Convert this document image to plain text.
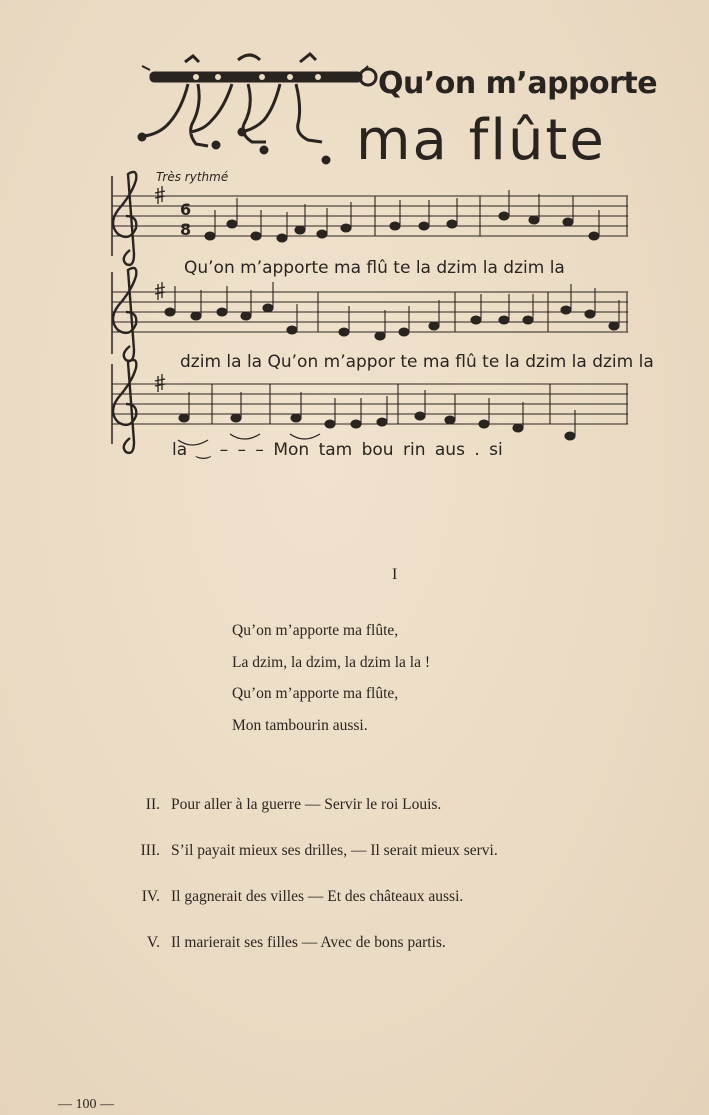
6
8
Qu’on m’apporte
ma flûte
Très rythmé
Qu’on m’apporte ma flû te la dzim la dzim la
dzim la la Qu’on m’appor te ma flû te la dzim la dzim la
la ‿ – – – Mon tam bou rin aus . si
I
Qu’on m’apporte ma flûte,
La dzim, la dzim, la dzim la la !
Qu’on m’apporte ma flûte,
Mon tambourin aussi.
II. Pour aller à la guerre — Servir le roi Louis.
III. S’il payait mieux ses drilles, — Il serait mieux servi.
IV. Il gagnerait des villes — Et des châteaux aussi.
V. Il marierait ses filles — Avec de bons partis.
— 100 —
